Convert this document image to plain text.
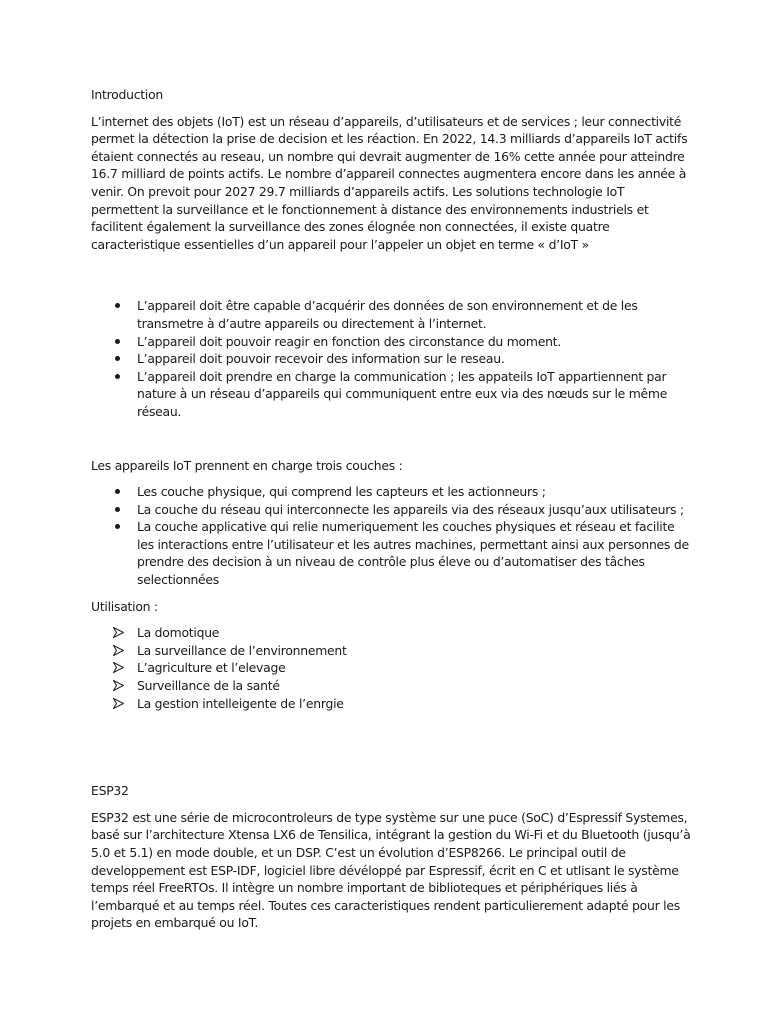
Introduction

L’internet des objets (IoT) est un réseau d’appareils, d’utilisateurs et de services ; leur connectivité permet la détection la prise de decision et les réaction. En 2022, 14.3 milliards d’appareils IoT actifs étaient connectés au reseau, un nombre qui devrait augmenter de 16% cette année pour atteindre 16.7 milliard de points actifs. Le nombre d’appareil connectes augmentera encore dans les année à venir. On prevoit pour 2027 29.7 milliards d’appareils actifs. Les solutions technologie IoT permettent la surveillance et le fonctionnement à distance des environnements industriels et facilitent également la surveillance des zones élognée non connectées, il existe quatre caracteristique essentielles d’un appareil pour l’appeler un objet en terme « d’IoT »

L’appareil doit être capable d’acquérir des données de son environnement et de les transmetre à d’autre appareils ou directement à l’internet.
L’appareil doit pouvoir reagir en fonction des circonstance du moment.
L’appareil doit pouvoir recevoir des information sur le reseau.
L’appareil doit prendre en charge la communication ; les appateils IoT appartiennent par nature à un réseau d’appareils qui communiquent entre eux via des nœuds sur le même réseau.

Les appareils IoT prennent en charge trois couches :

Les couche physique, qui comprend les capteurs et les actionneurs ;
La couche du réseau qui interconnecte les appareils via des réseaux jusqu’aux utilisateurs ;
La couche applicative qui relie numeriquement les couches physiques et réseau et facilite les interactions entre l’utilisateur et les autres machines, permettant ainsi aux personnes de prendre des decision à un niveau de contrôle plus éleve ou d’automatiser des tâches selectionnées

Utilisation :

La domotique
La surveillance de l’environnement
L’agriculture et l’elevage
Surveillance de la santé
La gestion intelleigente de l’enrgie

ESP32

ESP32 est une série de microcontroleurs de type système sur une puce (SoC) d’Espressif Systemes, basé sur l’architecture Xtensa LX6 de Tensilica, intégrant la gestion du Wi-Fi et du Bluetooth (jusqu’à 5.0 et 5.1) en mode double, et un DSP. C’est un évolution d’ESP8266. Le principal outil de developpement est ESP-IDF, logiciel libre dévéloppé par Espressif, écrit en C et utlisant le système temps réel FreeRTOs. Il intègre un nombre important de biblioteques et périphériques liés à l’embarqué et au temps réel. Toutes ces caracteristiques rendent particulierement adapté pour les projets en embarqué ou IoT.
